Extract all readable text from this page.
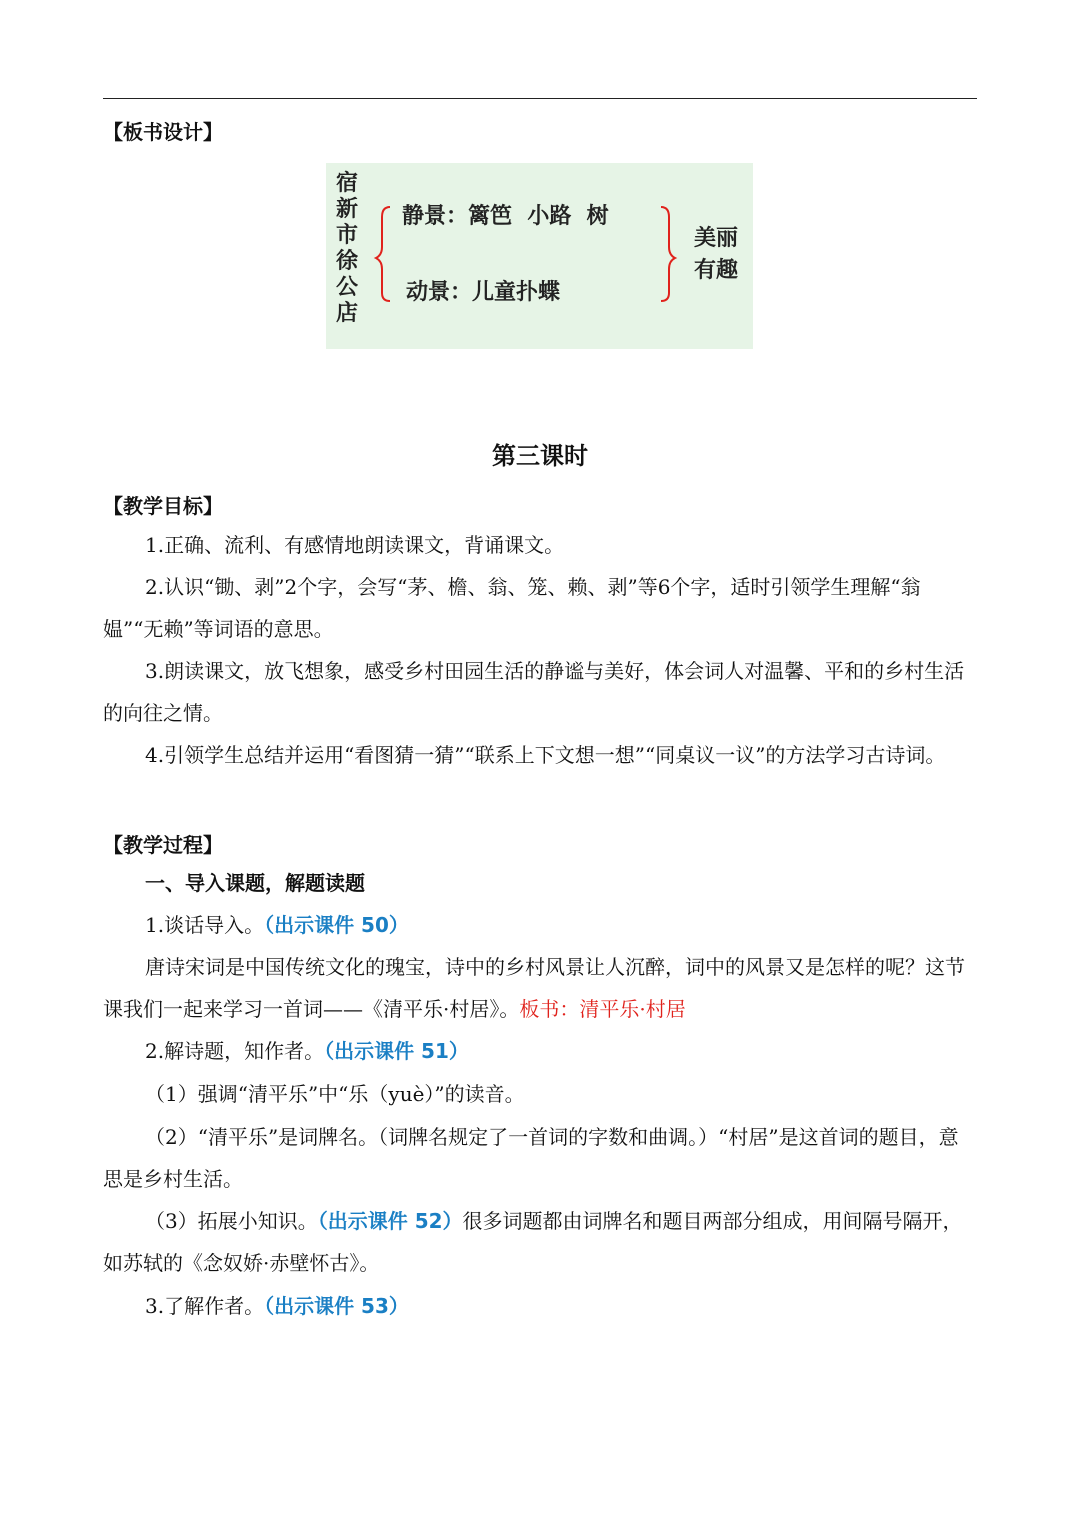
【板书设计】
宿
新
市
徐
公
店
静景：篱笆  小路  树
动景：儿童扑蝶
美丽
有趣
第三课时
【教学目标】
1.正确、流利、有感情地朗读课文，背诵课文。
2.认识“锄、剥”2个字，会写“茅、檐、翁、笼、赖、剥”等6个字，适时引领学生理解“翁媪”“无赖”等词语的意思。
3.朗读课文，放飞想象，感受乡村田园生活的静谧与美好，体会词人对温馨、平和的乡村生活的向往之情。
4.引领学生总结并运用“看图猜一猜”“联系上下文想一想”“同桌议一议”的方法学习古诗词。
【教学过程】
一、导入课题，解题读题
1.谈话导入。（出示课件 50）
唐诗宋词是中国传统文化的瑰宝，诗中的乡村风景让人沉醉，词中的风景又是怎样的呢？这节课我们一起来学习一首词——《清平乐·村居》。板书：清平乐·村居
2.解诗题，知作者。（出示课件 51）
（1）强调“清平乐”中“乐（yuè）”的读音。
（2）“清平乐”是词牌名。（词牌名规定了一首词的字数和曲调。）“村居”是这首词的题目，意思是乡村生活。
（3）拓展小知识。（出示课件 52）很多词题都由词牌名和题目两部分组成，用间隔号隔开，如苏轼的《念奴娇·赤壁怀古》。
3.了解作者。（出示课件 53）
